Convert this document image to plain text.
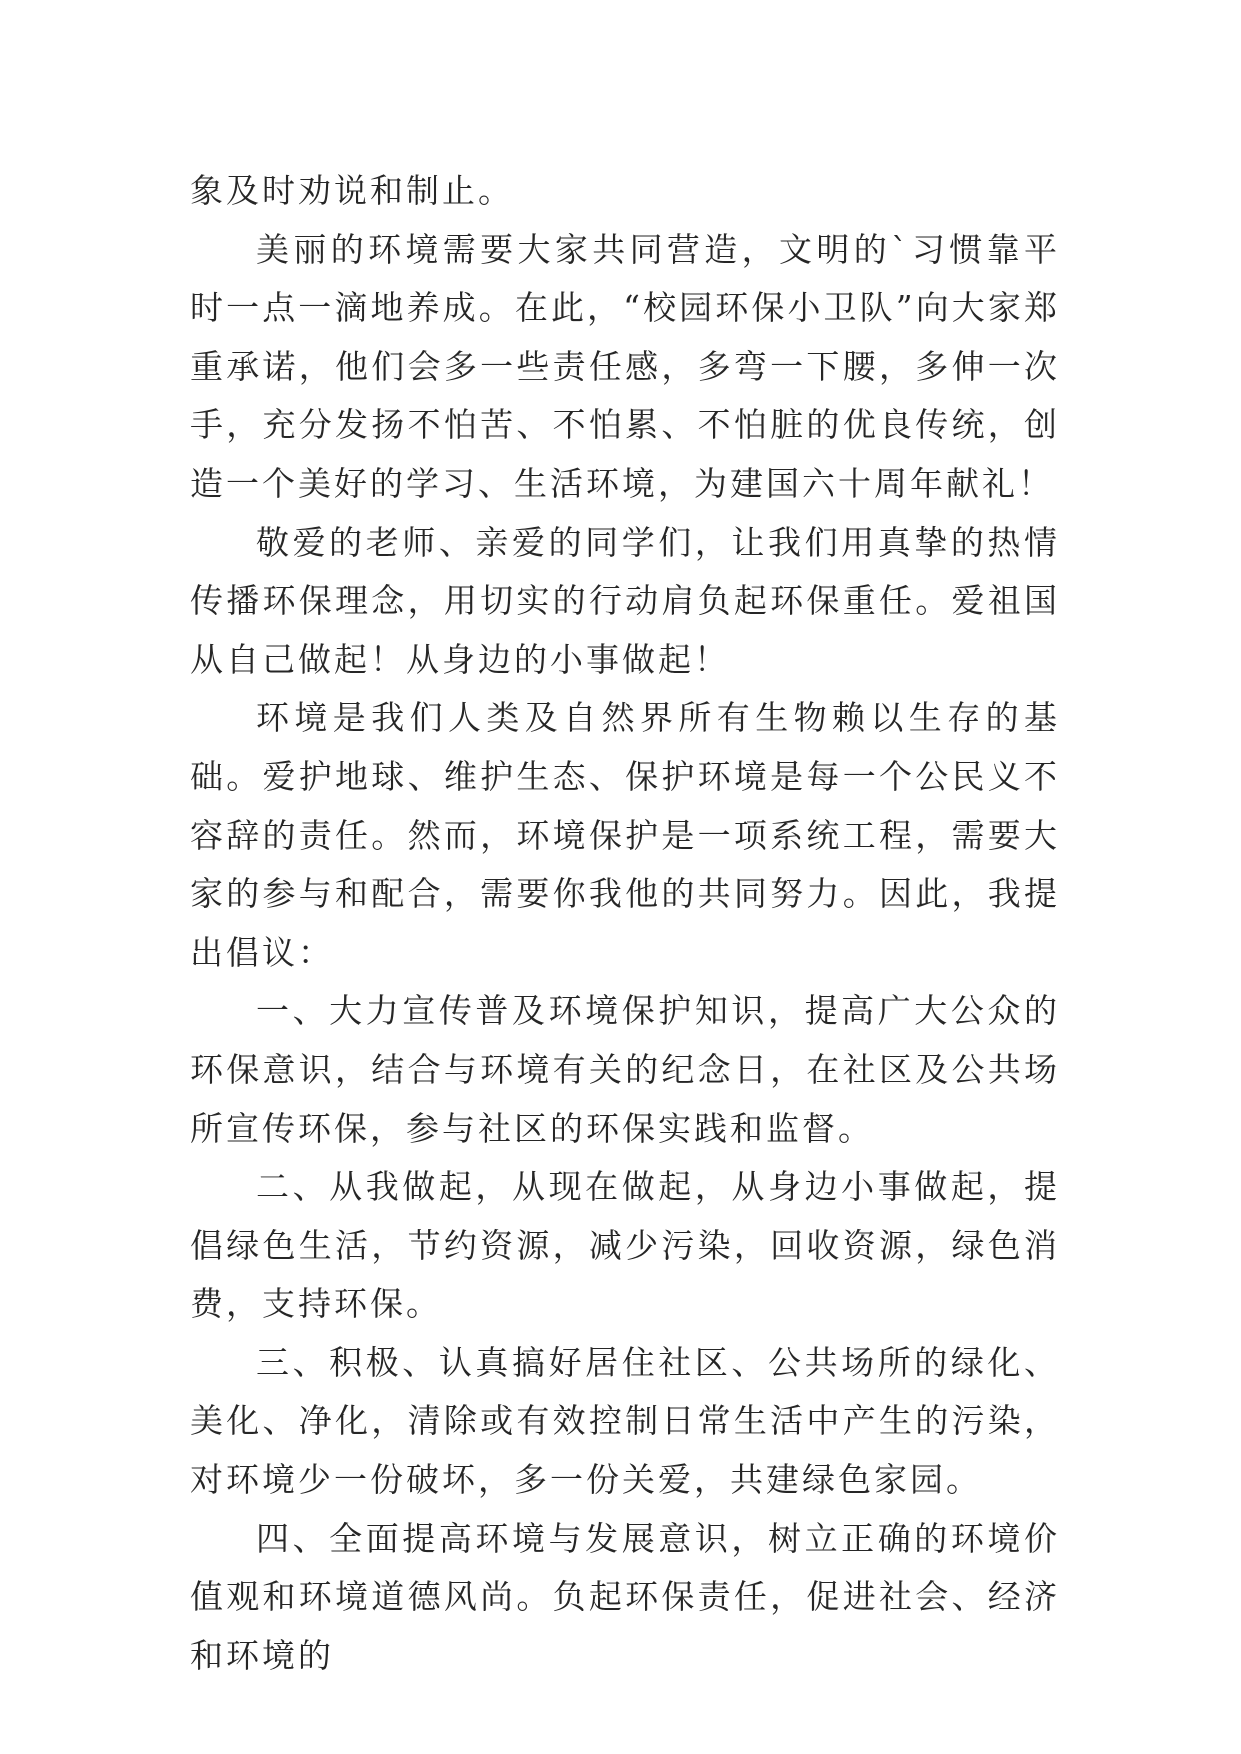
象及时劝说和制止。

美丽的环境需要大家共同营造，文明的`习惯靠平时一点一滴地养成。在此，“校园环保小卫队”向大家郑重承诺，他们会多一些责任感，多弯一下腰，多伸一次手，充分发扬不怕苦、不怕累、不怕脏的优良传统，创造一个美好的学习、生活环境，为建国六十周年献礼！

敬爱的老师、亲爱的同学们，让我们用真挚的热情传播环保理念，用切实的行动肩负起环保重任。爱祖国从自己做起！从身边的小事做起！

环境是我们人类及自然界所有生物赖以生存的基础。爱护地球、维护生态、保护环境是每一个公民义不容辞的责任。然而，环境保护是一项系统工程，需要大家的参与和配合，需要你我他的共同努力。因此，我提出倡议：

一、大力宣传普及环境保护知识，提高广大公众的环保意识，结合与环境有关的纪念日，在社区及公共场所宣传环保，参与社区的环保实践和监督。

二、从我做起，从现在做起，从身边小事做起，提倡绿色生活，节约资源，减少污染，回收资源，绿色消费，支持环保。

三、积极、认真搞好居住社区、公共场所的绿化、美化、净化，清除或有效控制日常生活中产生的污染，对环境少一份破坏，多一份关爱，共建绿色家园。

四、全面提高环境与发展意识，树立正确的环境价值观和环境道德风尚。负起环保责任，促进社会、经济和环境的
